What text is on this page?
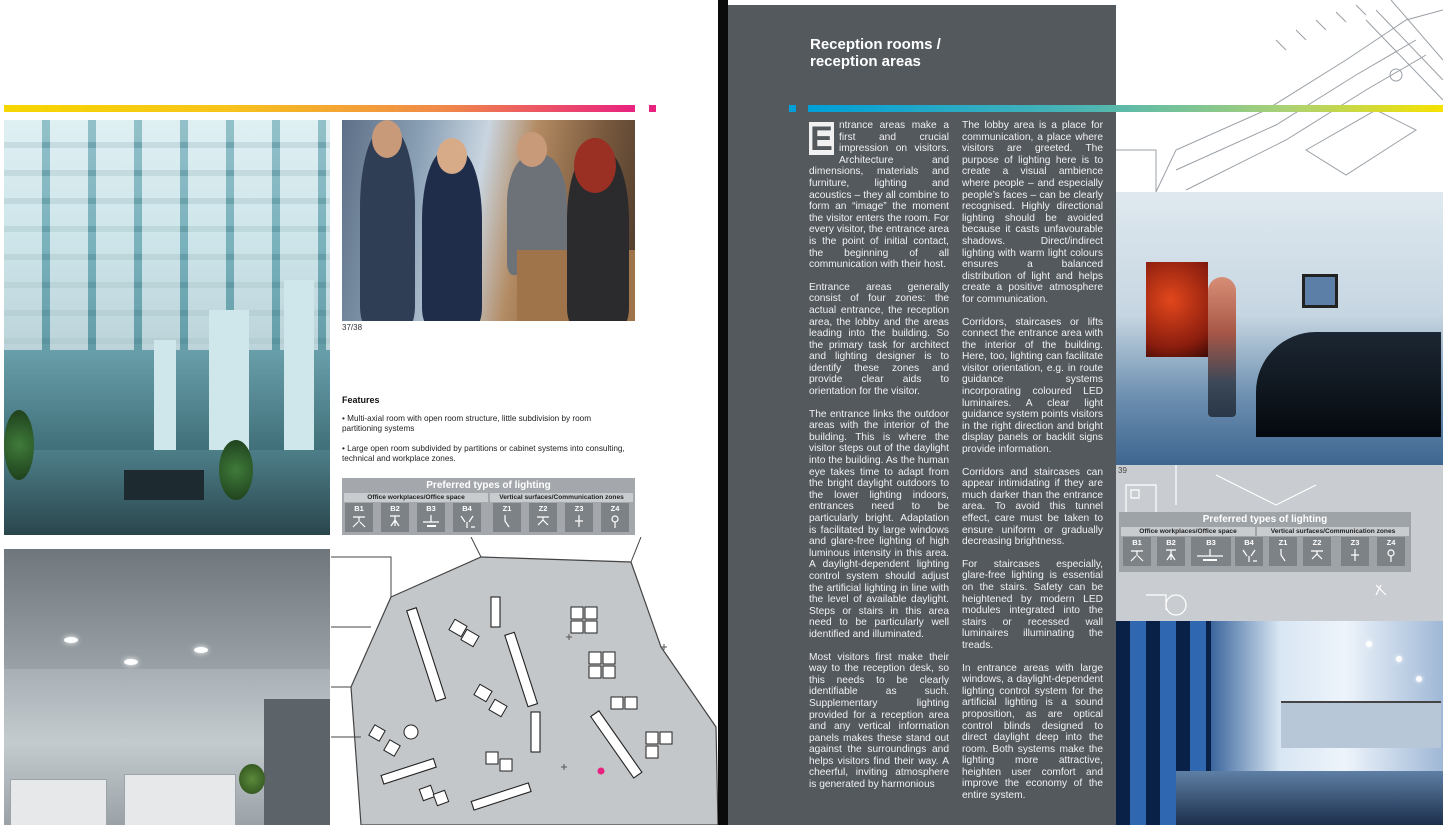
37/38
Features
• Multi-axial room with open room structure, little subdivision by room partitioning systems
• Large open room subdivided by partitions or cabinet systems into consulting, technical and workplace zones.
Preferred types of lighting
Office workplaces/Office space	Vertical surfaces/Communication zones
B1	B2	B3	B4	Z1	Z2	Z3	Z4
Reception rooms /
reception areas

E ntrance areas make a first and crucial impression on visitors. Architecture and dimensions, materials and furniture, lighting and acoustics – they all combine to form an “image” the moment the visitor enters the room. For every visitor, the entrance area is the point of initial contact, the beginning of all communication with their host.

Entrance areas generally consist of four zones: the actual entrance, the reception area, the lobby and the areas leading into the building. So the primary task for architect and lighting designer is to identify these zones and provide clear aids to orientation for the visitor.

The entrance links the outdoor areas with the interior of the building. This is where the visitor steps out of the daylight into the building. As the human eye takes time to adapt from the bright daylight outdoors to the lower lighting indoors, entrances need to be particularly bright. Adaptation is facilitated by large windows and glare-free lighting of high luminous intensity in this area. A daylight-dependent lighting control system should adjust the artificial lighting in line with the level of available daylight. Steps or stairs in this area need to be particularly well identified and illuminated.

Most visitors first make their way to the reception desk, so this needs to be clearly identifiable as such. Supplementary lighting provided for a reception area and any vertical information panels makes these stand out against the surroundings and helps visitors find their way. A cheerful, inviting atmosphere is generated by harmonious

The lobby area is a place for communication, a place where visitors are greeted. The purpose of lighting here is to create a visual ambience where people – and especially people’s faces – can be clearly recognised. Highly directional lighting should be avoided because it casts unfavourable shadows. Direct/indirect lighting with warm light colours ensures a balanced distribution of light and helps create a positive atmosphere for communication.

Corridors, staircases or lifts connect the entrance area with the interior of the building. Here, too, lighting can facilitate visitor orientation, e.g. in route guidance systems incorporating coloured LED luminaires. A clear light guidance system points visitors in the right direction and bright display panels or backlit signs provide information.

Corridors and staircases can appear intimidating if they are much darker than the entrance area. To avoid this tunnel effect, care must be taken to ensure uniform or gradually decreasing brightness.

For staircases especially, glare-free lighting is essential on the stairs. Safety can be heightened by modern LED modules integrated into the stairs or recessed wall luminaires illuminating the treads.

In entrance areas with large windows, a daylight-dependent lighting control system for the artificial lighting is a sound proposition, as are optical control blinds designed to direct daylight deep into the room. Both systems make the lighting more attractive, heighten user comfort and improve the economy of the entire system.

39
Preferred types of lighting
Office workplaces/Office space	Vertical surfaces/Communication zones
B1	B2	B3	B4	Z1	Z2	Z3	Z4
